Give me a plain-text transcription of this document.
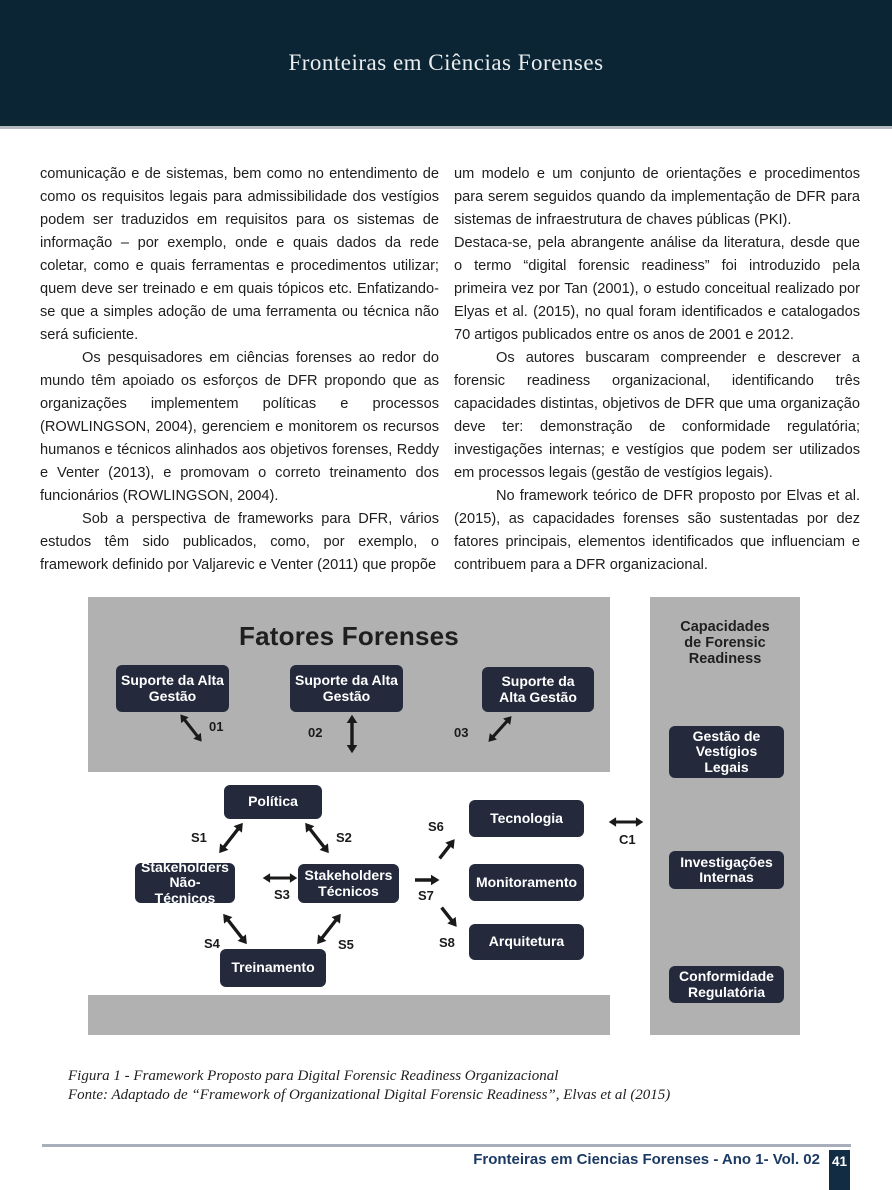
Fronteiras em Ciências Forenses

comunicação e de sistemas, bem como no entendimento de como os requisitos legais para admissibilidade dos vestígios podem ser traduzidos em requisitos para os sistemas de informação – por exemplo, onde e quais dados da rede coletar, como e quais ferramentas e procedimentos utilizar; quem deve ser treinado e em quais tópicos etc. Enfatizando-se que a simples adoção de uma ferramenta ou técnica não será suficiente.

Os pesquisadores em ciências forenses ao redor do mundo têm apoiado os esforços de DFR propondo que as organizações implementem políticas e processos (ROWLINGSON, 2004), gerenciem e monitorem os recursos humanos e técnicos alinhados aos objetivos forenses, Reddy e Venter (2013), e promovam o correto treinamento dos funcionários (ROWLINGSON, 2004).

Sob a perspectiva de frameworks para DFR, vários estudos têm sido publicados, como, por exemplo, o framework definido por Valjarevic e Venter (2011) que propõe

um modelo e um conjunto de orientações e procedimentos para serem seguidos quando da implementação de DFR para sistemas de infraestrutura de chaves públicas (PKI).

Destaca-se, pela abrangente análise da literatura, desde que o termo “digital forensic readiness” foi introduzido pela primeira vez por Tan (2001), o estudo conceitual realizado por Elyas et al. (2015), no qual foram identificados e catalogados 70 artigos publicados entre os anos de 2001 e 2012.

Os autores buscaram compreender e descrever a forensic readiness organizacional, identificando três capacidades distintas, objetivos de DFR que uma organização deve ter: demonstração de conformidade regulatória; investigações internas; e vestígios que podem ser utilizados em processos legais (gestão de vestígios legais).

No framework teórico de DFR proposto por Elvas et al. (2015), as capacidades forenses são sustentadas por dez fatores principais, elementos identificados que influenciam e contribuem para a DFR organizacional.

Fatores Forenses
Suporte da Alta Gestão
Suporte da Alta Gestão
Suporte da Alta Gestão
01	02	03
Política
Stakeholders Não-Técnicos
Stakeholders Técnicos
Treinamento
Tecnologia
Monitoramento
Arquitetura
S1	S2
S3
S4	S5
S6
S7
S8
C1
Capacidades de Forensic Readiness
Gestão de Vestígios Legais
Investigações Internas
Conformidade Regulatória
Figura 1 - Framework Proposto para Digital Forensic Readiness Organizacional
Fonte: Adaptado de “Framework of Organizational Digital Forensic Readiness”, Elvas et al (2015)
Fronteiras em Ciencias Forenses - Ano 1- Vol. 02 41
